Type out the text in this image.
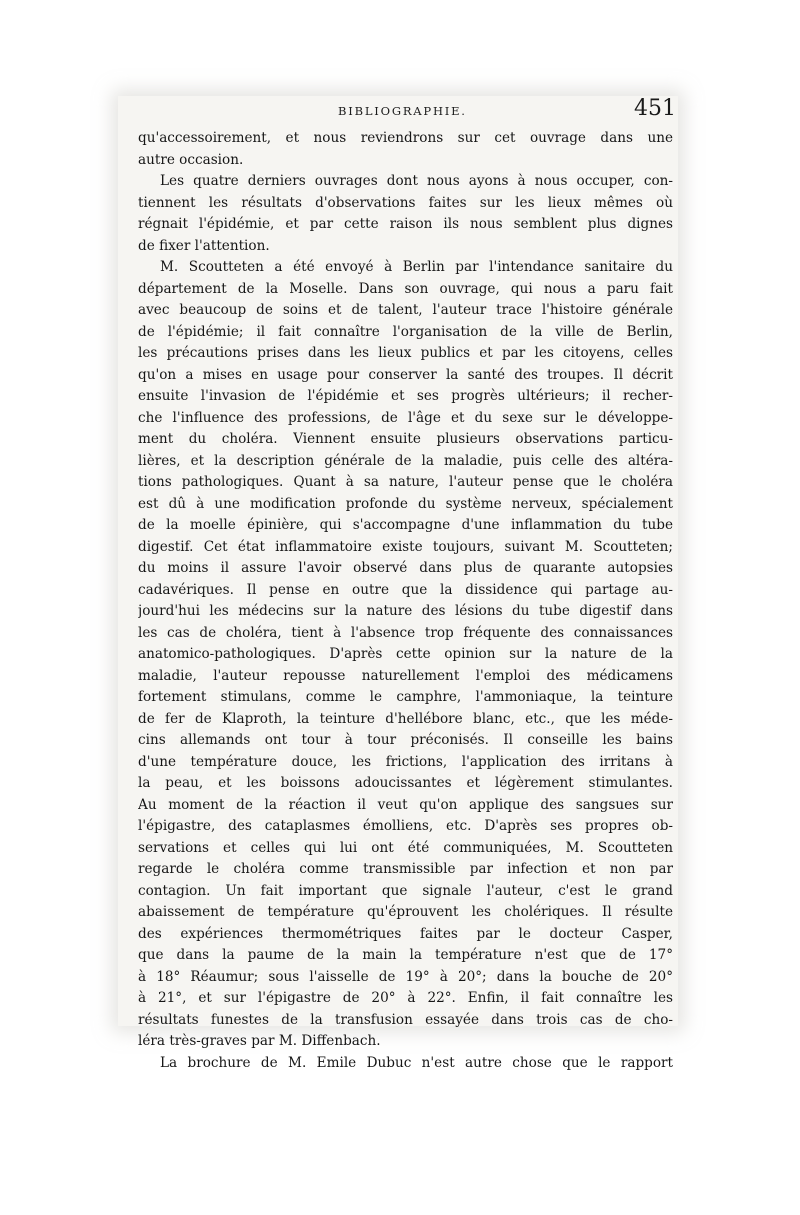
BIBLIOGRAPHIE.	451
qu'accessoirement, et nous reviendrons sur cet ouvrage dans une
autre occasion.
Les quatre derniers ouvrages dont nous ayons à nous occuper, con-
tiennent les résultats d'observations faites sur les lieux mêmes où
régnait l'épidémie, et par cette raison ils nous semblent plus dignes
de fixer l'attention.
M. Scoutteten a été envoyé à Berlin par l'intendance sanitaire du
département de la Moselle. Dans son ouvrage, qui nous a paru fait
avec beaucoup de soins et de talent, l'auteur trace l'histoire générale
de l'épidémie; il fait connaître l'organisation de la ville de Berlin,
les précautions prises dans les lieux publics et par les citoyens, celles
qu'on a mises en usage pour conserver la santé des troupes. Il décrit
ensuite l'invasion de l'épidémie et ses progrès ultérieurs; il recher-
che l'influence des professions, de l'âge et du sexe sur le développe-
ment du choléra. Viennent ensuite plusieurs observations particu-
lières, et la description générale de la maladie, puis celle des altéra-
tions pathologiques. Quant à sa nature, l'auteur pense que le choléra
est dû à une modification profonde du système nerveux, spécialement
de la moelle épinière, qui s'accompagne d'une inflammation du tube
digestif. Cet état inflammatoire existe toujours, suivant M. Scoutteten;
du moins il assure l'avoir observé dans plus de quarante autopsies
cadavériques. Il pense en outre que la dissidence qui partage au-
jourd'hui les médecins sur la nature des lésions du tube digestif dans
les cas de choléra, tient à l'absence trop fréquente des connaissances
anatomico-pathologiques. D'après cette opinion sur la nature de la
maladie, l'auteur repousse naturellement l'emploi des médicamens
fortement stimulans, comme le camphre, l'ammoniaque, la teinture
de fer de Klaproth, la teinture d'hellébore blanc, etc., que les méde-
cins allemands ont tour à tour préconisés. Il conseille les bains
d'une température douce, les frictions, l'application des irritans à
la peau, et les boissons adoucissantes et légèrement stimulantes.
Au moment de la réaction il veut qu'on applique des sangsues sur
l'épigastre, des cataplasmes émolliens, etc. D'après ses propres ob-
servations et celles qui lui ont été communiquées, M. Scoutteten
regarde le choléra comme transmissible par infection et non par
contagion. Un fait important que signale l'auteur, c'est le grand
abaissement de température qu'éprouvent les cholériques. Il résulte
des expériences thermométriques faites par le docteur Casper,
que dans la paume de la main la température n'est que de 17°
à 18° Réaumur; sous l'aisselle de 19° à 20°; dans la bouche de 20°
à 21°, et sur l'épigastre de 20° à 22°. Enfin, il fait connaître les
résultats funestes de la transfusion essayée dans trois cas de cho-
léra très-graves par M. Diffenbach.
La brochure de M. Emile Dubuc n'est autre chose que le rapport
